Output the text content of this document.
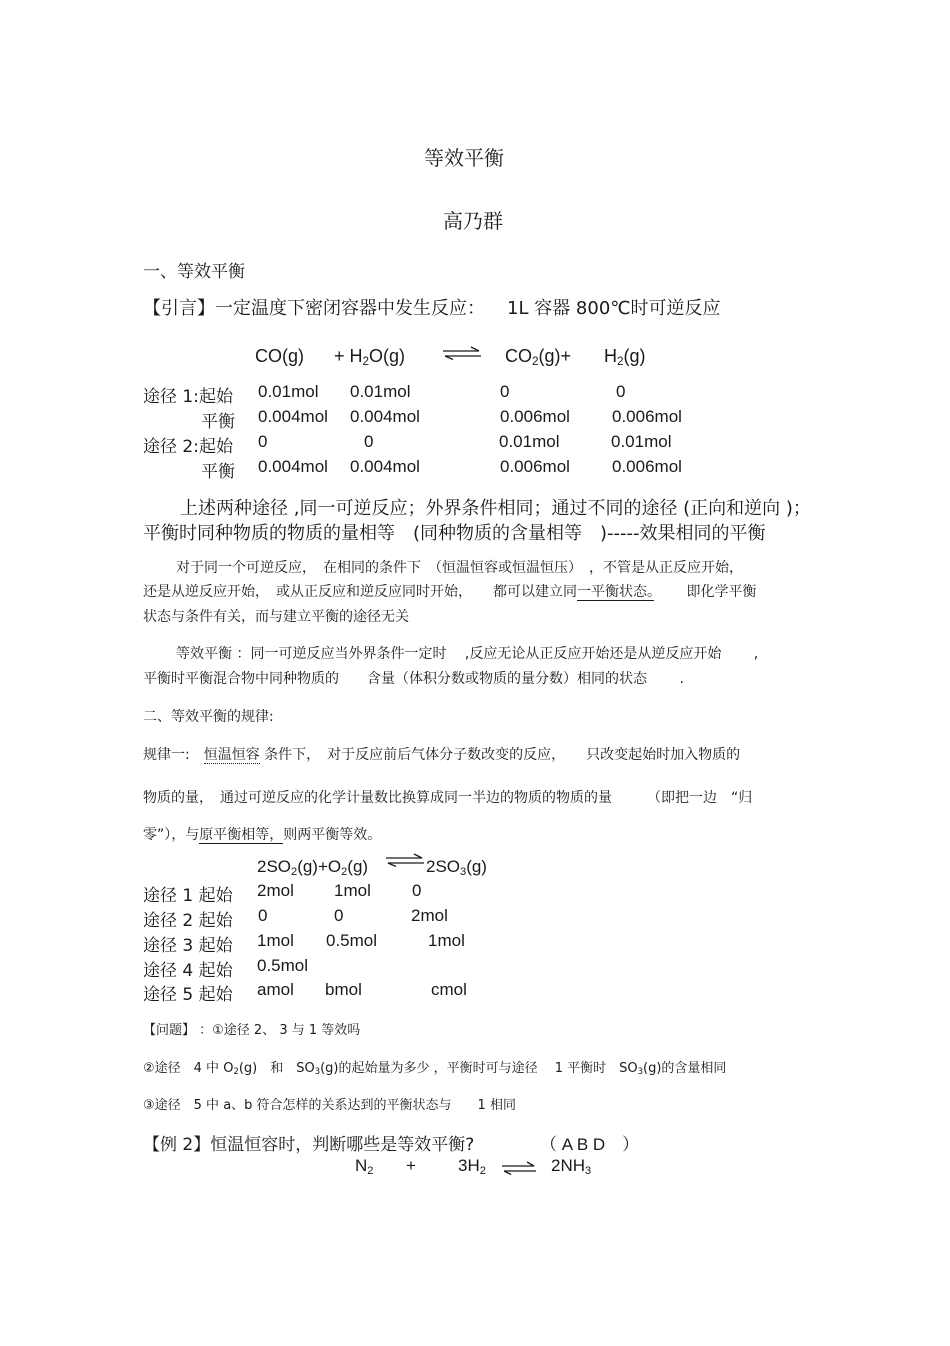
等效平衡
高乃群
一、等效平衡
【引言】一定温度下密闭容器中发生反应： 1L 容器 800℃时可逆反应
$CO(g) + H_2O(g)$ ⇌ $CO_2(g)+ H_2(g)$
途径 1:起始 0.01mol 0.01mol	0	0
平衡 0.004mol 0.004mol	0.006mol 0.006mol
途径 2:起始 0	0	0.01mol	0.01mol
平衡 0.004mol 0.004mol	0.006mol 0.006mol
上述两种途径 ,同一可逆反应；外界条件相同；通过不同的途径 (正向和逆向 )；
平衡时同种物质的物质的量相等　(同种物质的含量相等　)-----效果相同的平衡
对于同一个可逆反应，　在相同的条件下　（恒温恒容或恒温恒压）　，不管是从正反应开始，
还是从逆反应开始，　或从正反应和逆反应同时开始，　　都可以建立同一平衡状态。　　 即化学平衡
状态与条件有关，而与建立平衡的途径无关
等效平衡 ：同一可逆反应当外界条件一定时　 ,反应无论从正反应开始还是从逆反应开始　　 ,
平衡时平衡混合物中同种物质的　　含量（体积分数或物质的量分数）相同的状态　　 .
二、等效平衡的规律:
规律一:　恒温恒容 条件下，　对于反应前后气体分子数改变的反应，　　只改变起始时加入物质的
物质的量，　通过可逆反应的化学计量数比换算成同一半边的物质的物质的量　　　（即把一边　“归
零”），与原平衡相等，则两平衡等效。
$2SO_2(g)+O_2(g)$ ⇌ $2SO_3(g)$
途径 1 起始 2mol 1mol 0
途径 2 起始 0	0	2mol
途径 3 起始 1mol 0.5mol	1mol
途径 4 起始 0.5mol
途径 5 起始 amol bmol	cmol
【问题】 ：①途径 2、 3 与 1 等效吗
②途径　4 中 $O_2(g)$　和　$SO_3(g)$的起始量为多少 ，平衡时可与途径　 1 平衡时　$SO_3(g)$的含量相同
③途径　5 中 a、b 符合怎样的关系达到的平衡状态与　　1 相同
【例 2】恒温恒容时，判断哪些是等效平衡?	（ A B D　）
$N_2 + 3H_2$ ⇌ $2NH_3$
